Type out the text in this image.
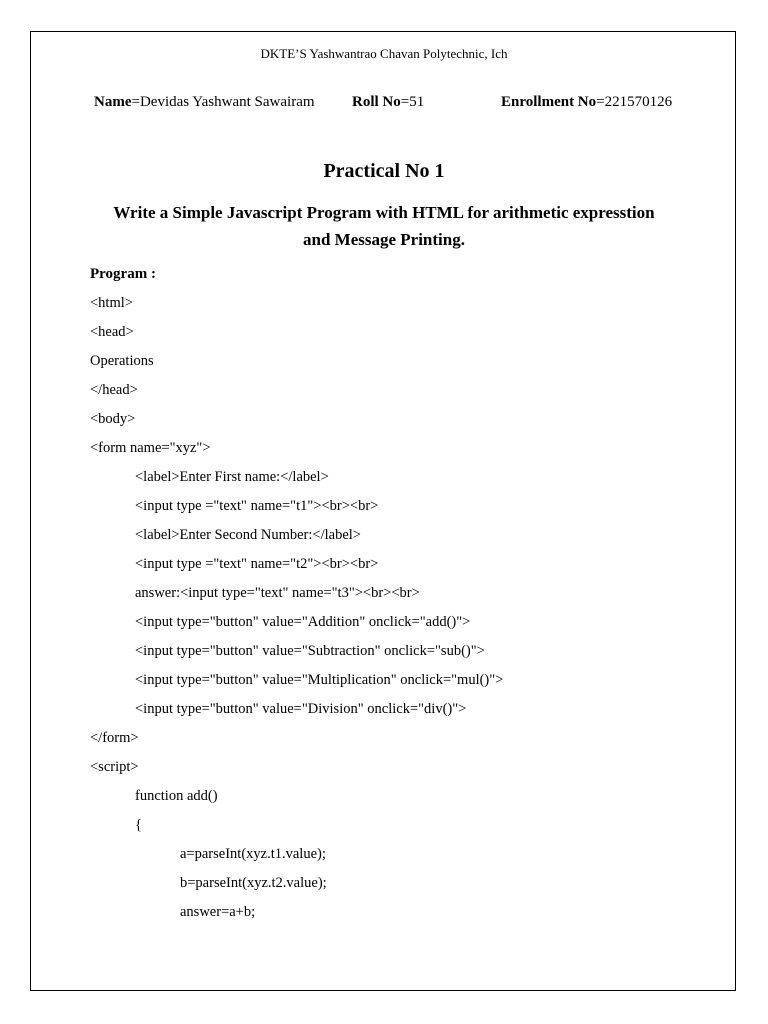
DKTE’S Yashwantrao Chavan Polytechnic, Ich
Name=Devidas Yashwant Sawairam Roll No=51	Enrollment No=221570126
Practical No 1
Write a Simple Javascript Program with HTML for arithmetic expresstion
and Message Printing.
Program :
<html>
<head>
Operations
</head>
<body>
<form name="xyz">
<label>Enter First name:</label>
<input type ="text" name="t1"><br><br>
<label>Enter Second Number:</label>
<input type ="text" name="t2"><br><br>
answer:<input type="text" name="t3"><br><br>
<input type="button" value="Addition" onclick="add()">
<input type="button" value="Subtraction" onclick="sub()">
<input type="button" value="Multiplication" onclick="mul()">
<input type="button" value="Division" onclick="div()">
</form>
<script>
function add()
{
a=parseInt(xyz.t1.value);
b=parseInt(xyz.t2.value);
answer=a+b;
